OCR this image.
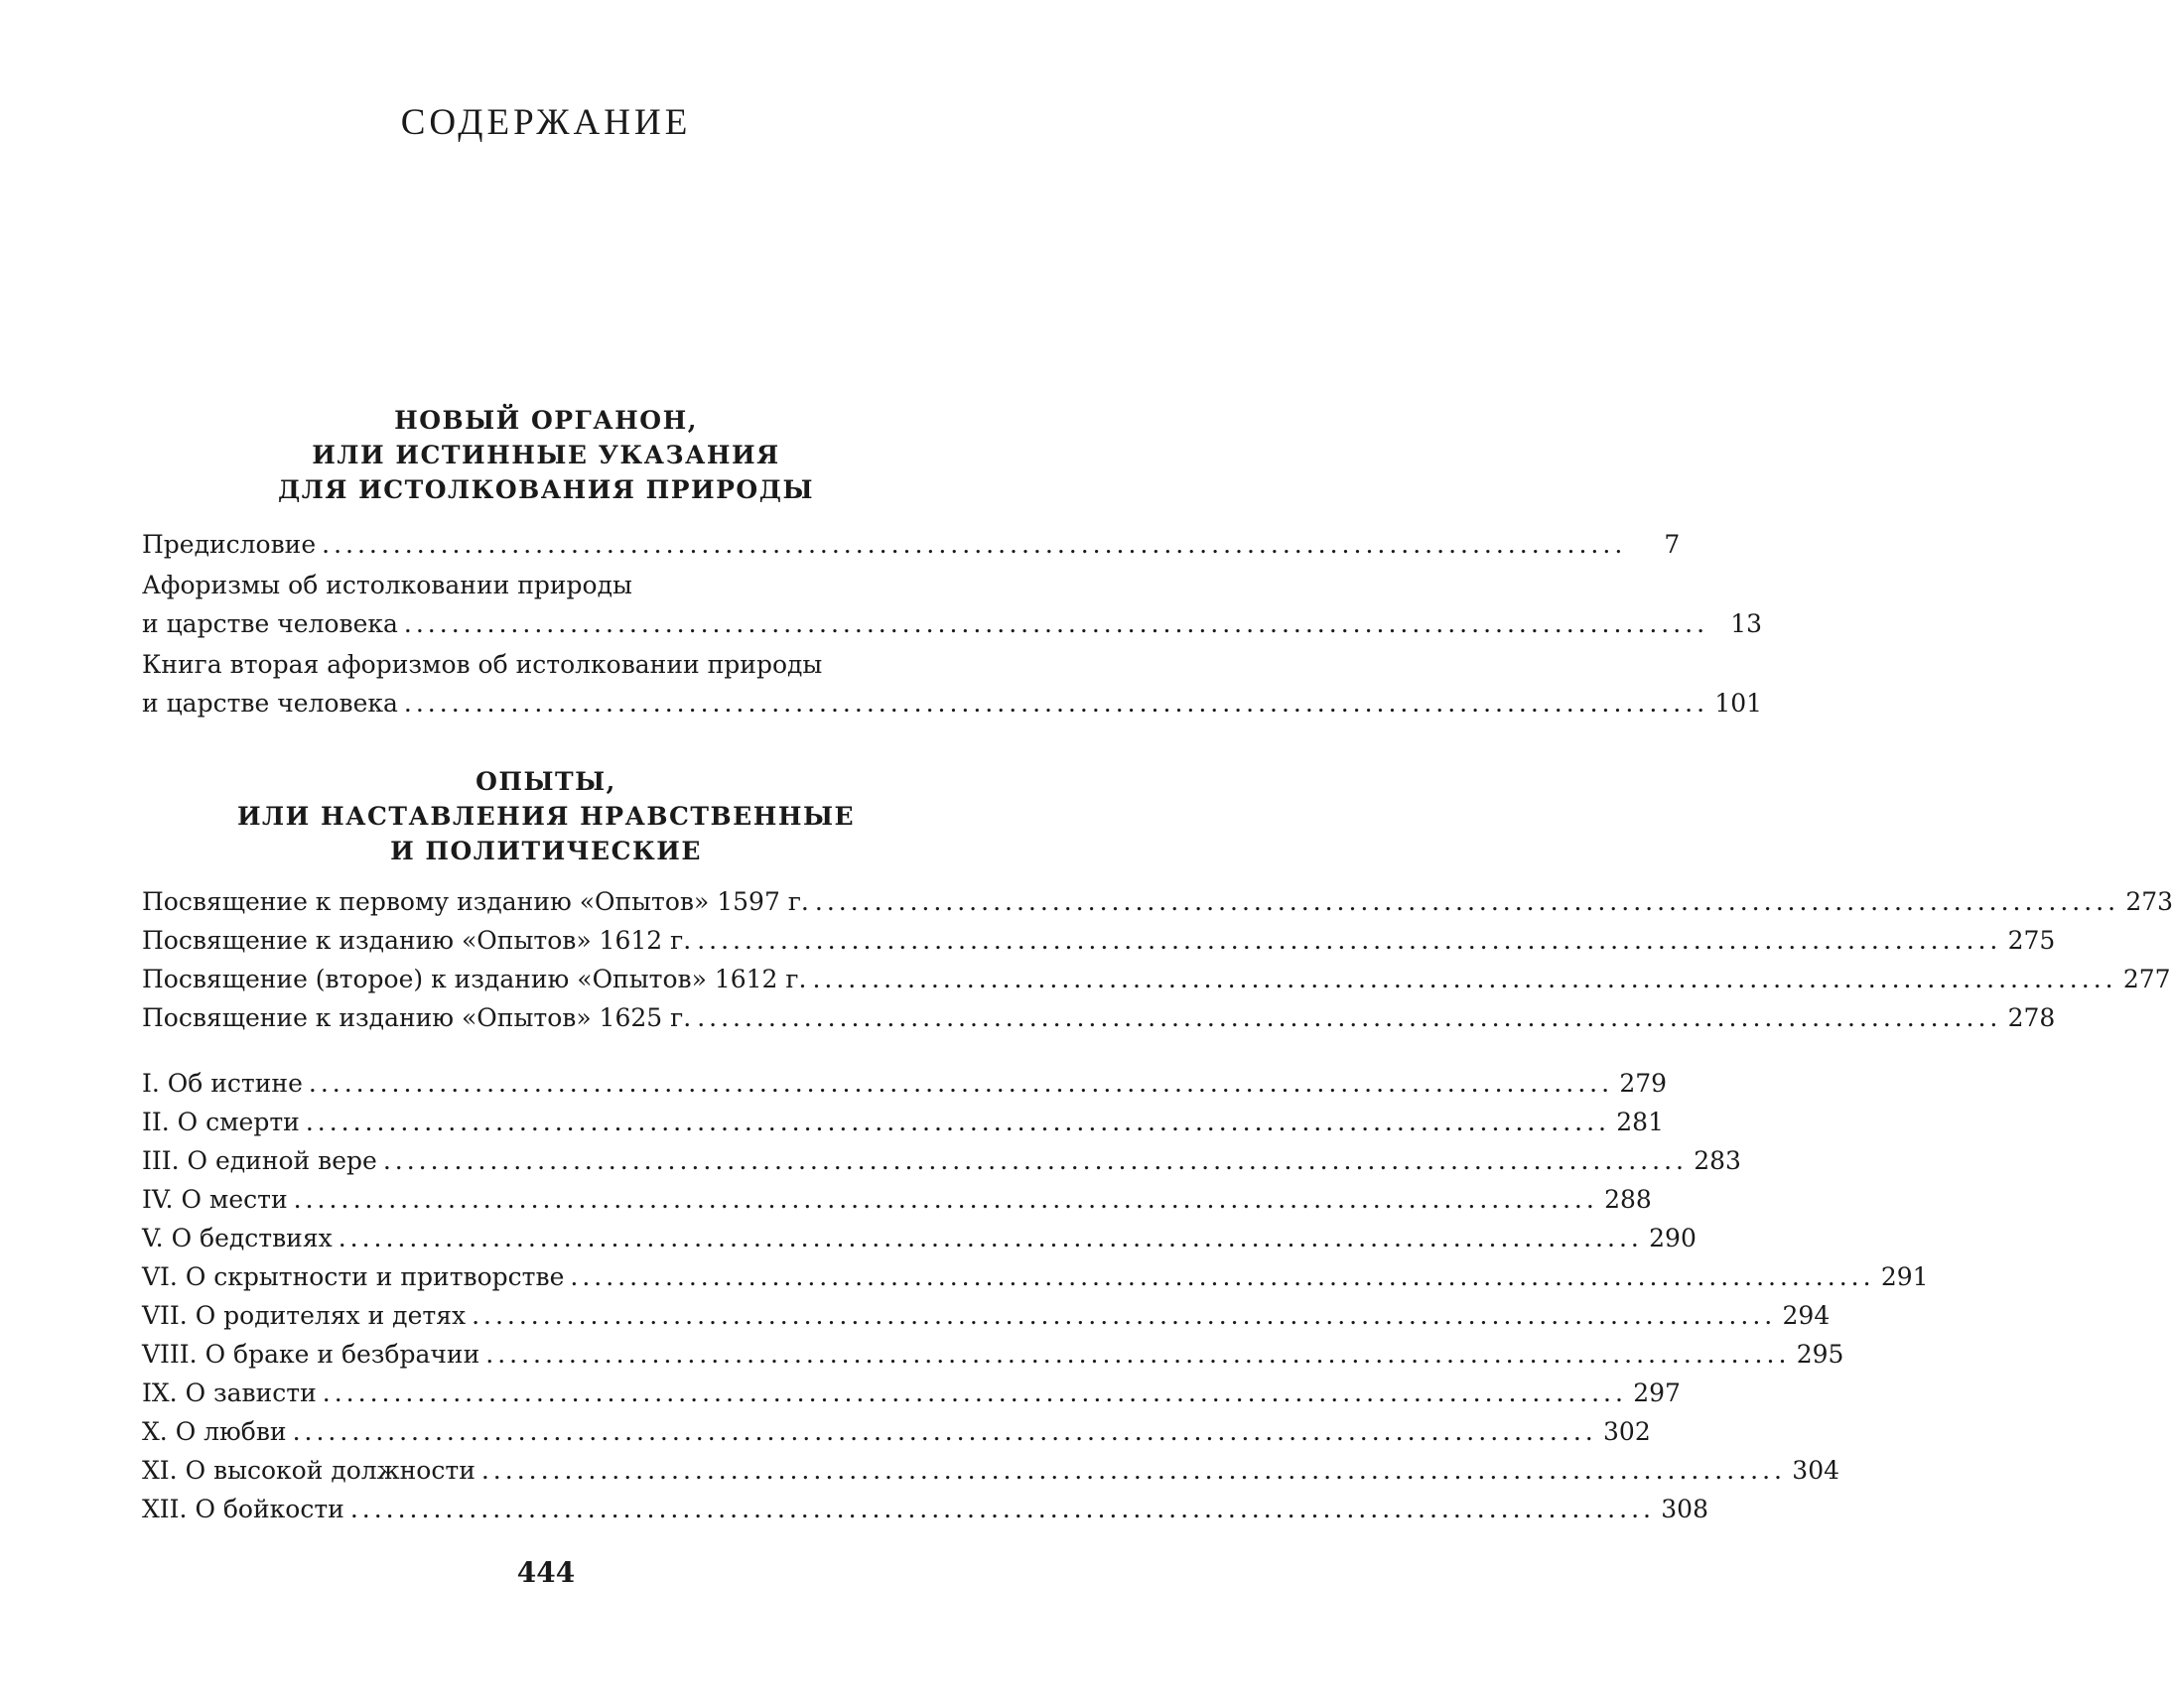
СОДЕРЖАНИЕ
НОВЫЙ ОРГАНОН,
ИЛИ ИСТИННЫЕ УКАЗАНИЯ
ДЛЯ ИСТОЛКОВАНИЯ ПРИРОДЫ
Предисловие ..............................................................................................................	7
Афоризмы об истолковании природы
и царстве человека .............................................................................................................. 13
Книга вторая афоризмов об истолковании природы
и царстве человека .............................................................................................................. 101
ОПЫТЫ,
ИЛИ НАСТАВЛЕНИЯ НРАВСТВЕННЫЕ
И ПОЛИТИЧЕСКИЕ
Посвящение к первому изданию «Опытов» 1597 г. .............................................................................................................. 273
Посвящение к изданию «Опытов» 1612 г. .............................................................................................................. 275
Посвящение (второе) к изданию «Опытов» 1612 г. .............................................................................................................. 277
Посвящение к изданию «Опытов» 1625 г. .............................................................................................................. 278
I. Об истине .............................................................................................................. 279
II. О смерти .............................................................................................................. 281
III. О единой вере .............................................................................................................. 283
IV. О мести .............................................................................................................. 288
V. О бедствиях .............................................................................................................. 290
VI. О скрытности и притворстве .............................................................................................................. 291
VII. О родителях и детях .............................................................................................................. 294
VIII. О браке и безбрачии .............................................................................................................. 295
IX. О зависти .............................................................................................................. 297
X. О любви .............................................................................................................. 302
XI. О высокой должности .............................................................................................................. 304
XII. О бойкости .............................................................................................................. 308
444
